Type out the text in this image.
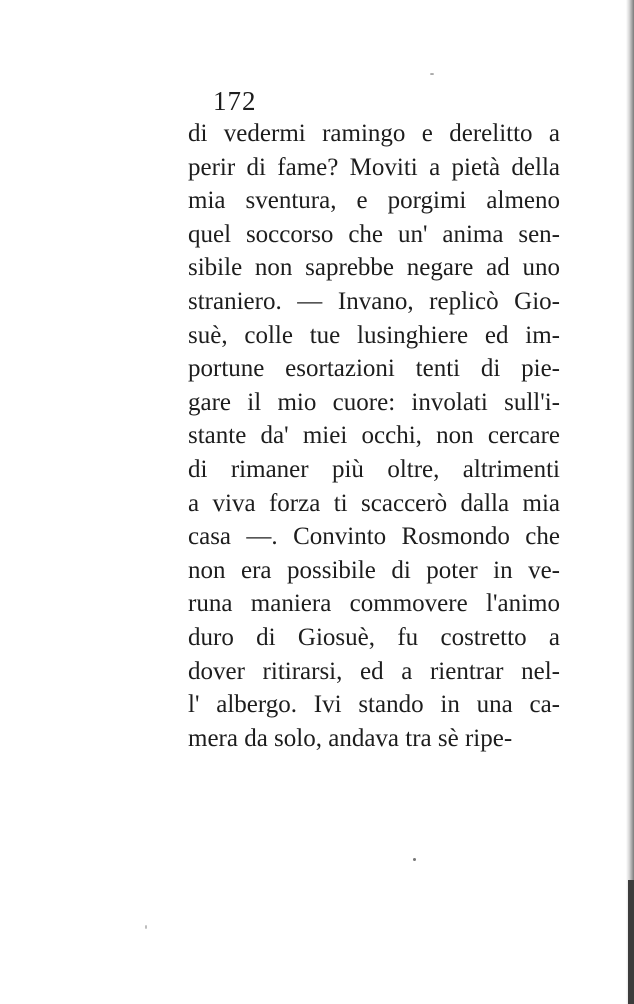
172
di vedermi ramingo e derelitto a
perir di fame? Moviti a pietà della
mia sventura, e porgimi almeno
quel soccorso che un' anima sen-
sibile non saprebbe negare ad uno
straniero. — Invano, replicò Gio-
suè, colle tue lusinghiere ed im-
portune esortazioni tenti di pie-
gare il mio cuore: involati sull'i-
stante da' miei occhi, non cercare
di rimaner più oltre, altrimenti
a viva forza ti scaccerò dalla mia
casa —. Convinto Rosmondo che
non era possibile di poter in ve-
runa maniera commovere l'animo
duro di Giosuè, fu costretto a
dover ritirarsi, ed a rientrar nel-
l' albergo. Ivi stando in una ca-
mera da solo, andava tra sè ripe-
